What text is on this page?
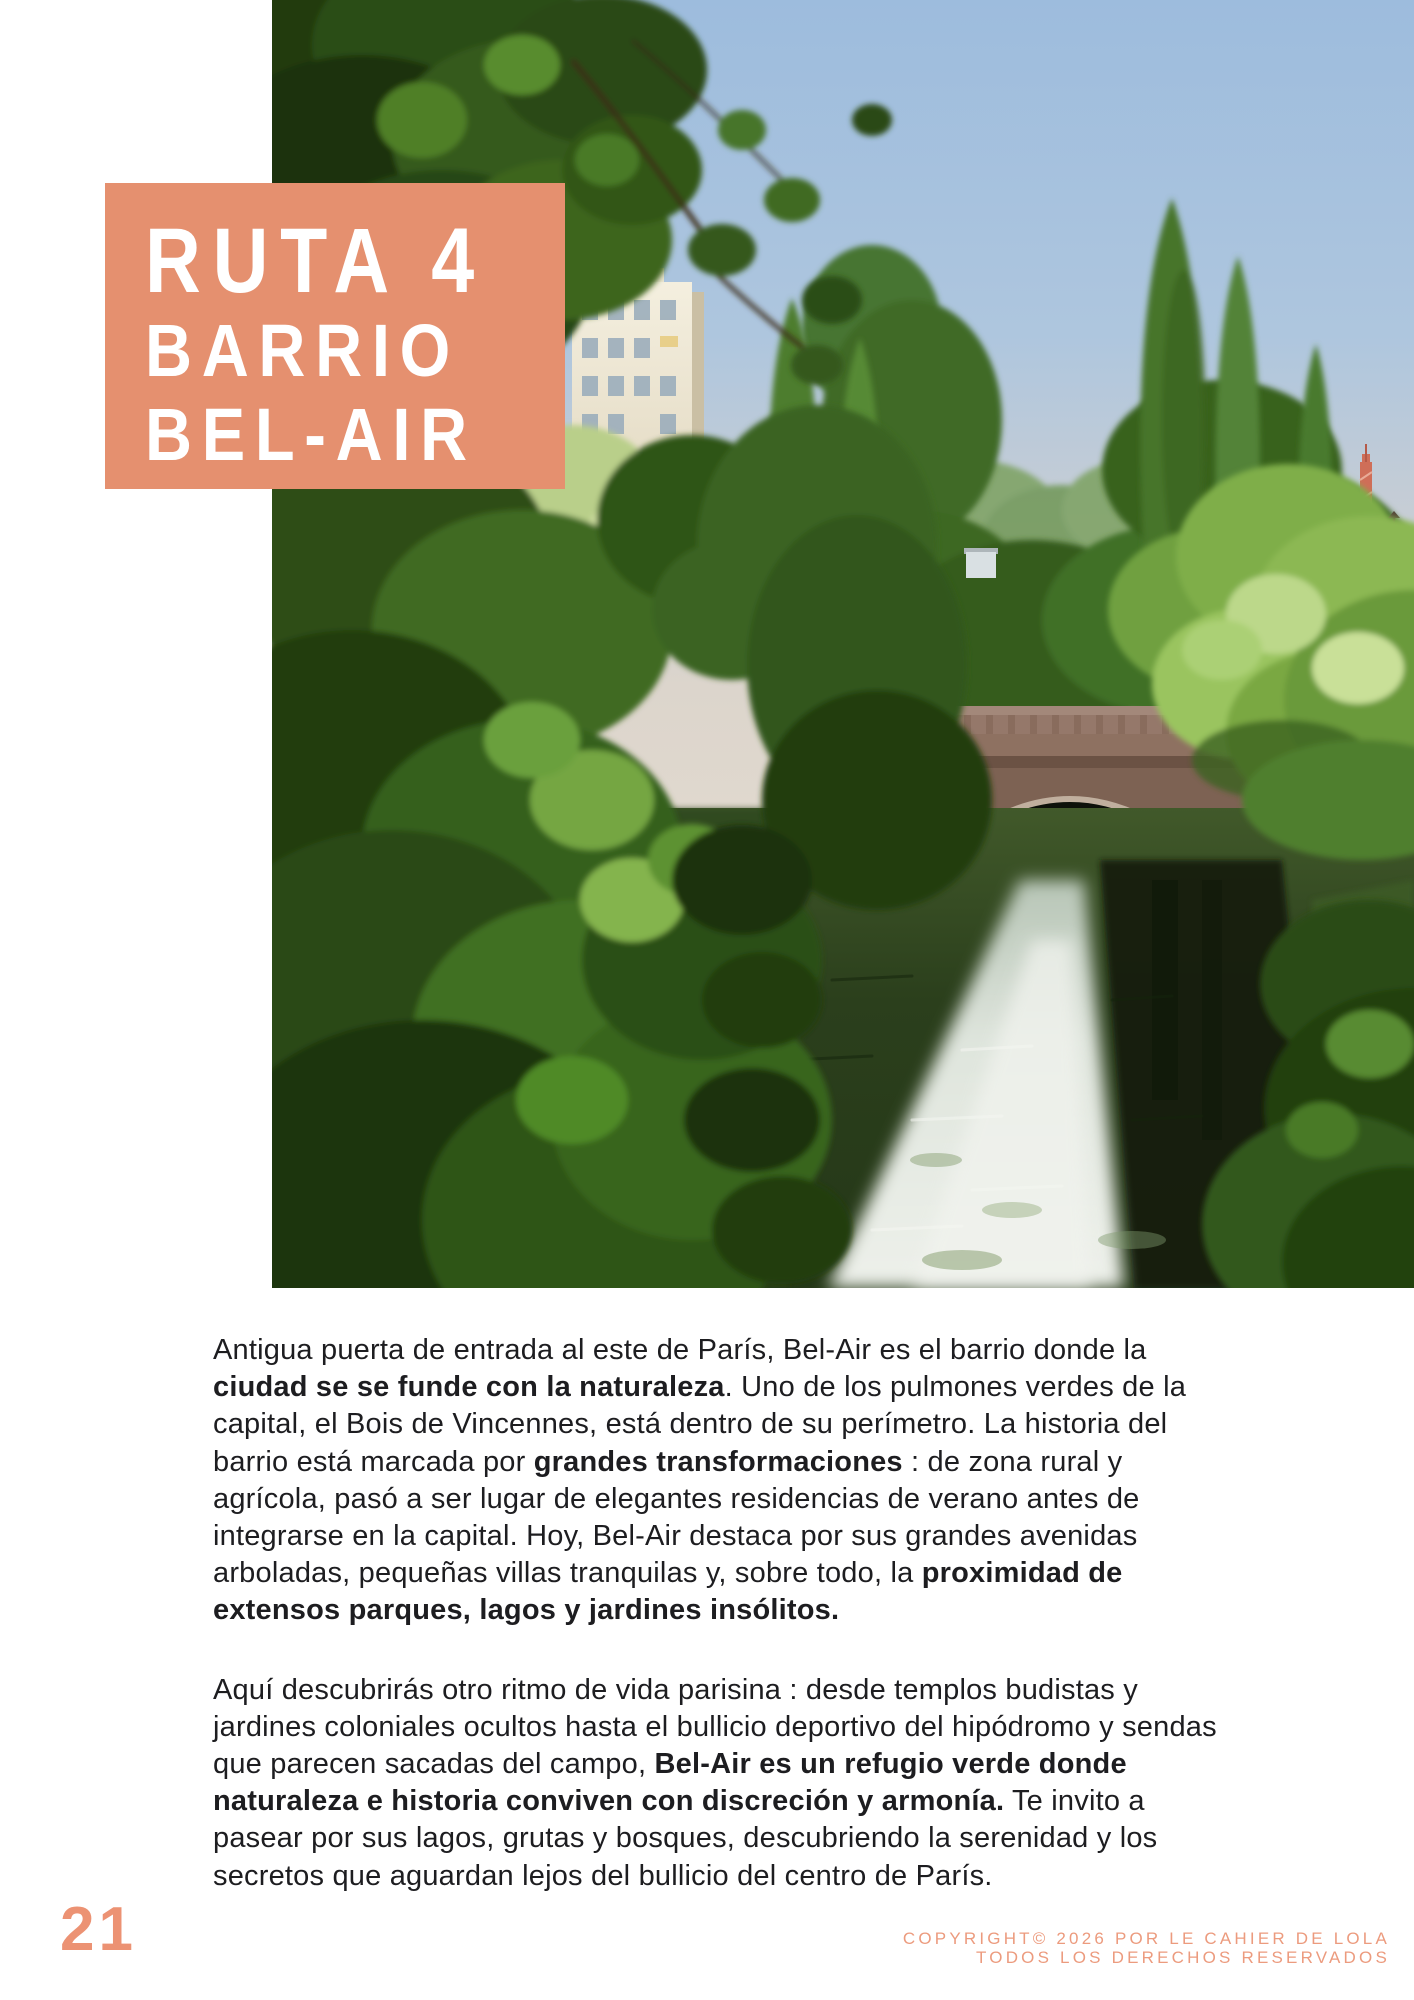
RUTA 4
BARRIO
BEL-AIR

Antigua puerta de entrada al este de París, Bel-Air es el barrio donde la ciudad se se funde con la naturaleza. Uno de los pulmones verdes de la capital, el Bois de Vincennes, está dentro de su perímetro. La historia del barrio está marcada por grandes transformaciones : de zona rural y agrícola, pasó a ser lugar de elegantes residencias de verano antes de integrarse en la capital. Hoy, Bel-Air destaca por sus grandes avenidas arboladas, pequeñas villas tranquilas y, sobre todo, la proximidad de extensos parques, lagos y jardines insólitos.

Aquí descubrirás otro ritmo de vida parisina : desde templos budistas y jardines coloniales ocultos hasta el bullicio deportivo del hipódromo y sendas que parecen sacadas del campo, Bel-Air es un refugio verde donde naturaleza e historia conviven con discreción y armonía. Te invito a pasear por sus lagos, grutas y bosques, descubriendo la serenidad y los secretos que aguardan lejos del bullicio del centro de París.

21	COPYRIGHT© 2026 POR LE CAHIER DE LOLA
TODOS LOS DERECHOS RESERVADOS
